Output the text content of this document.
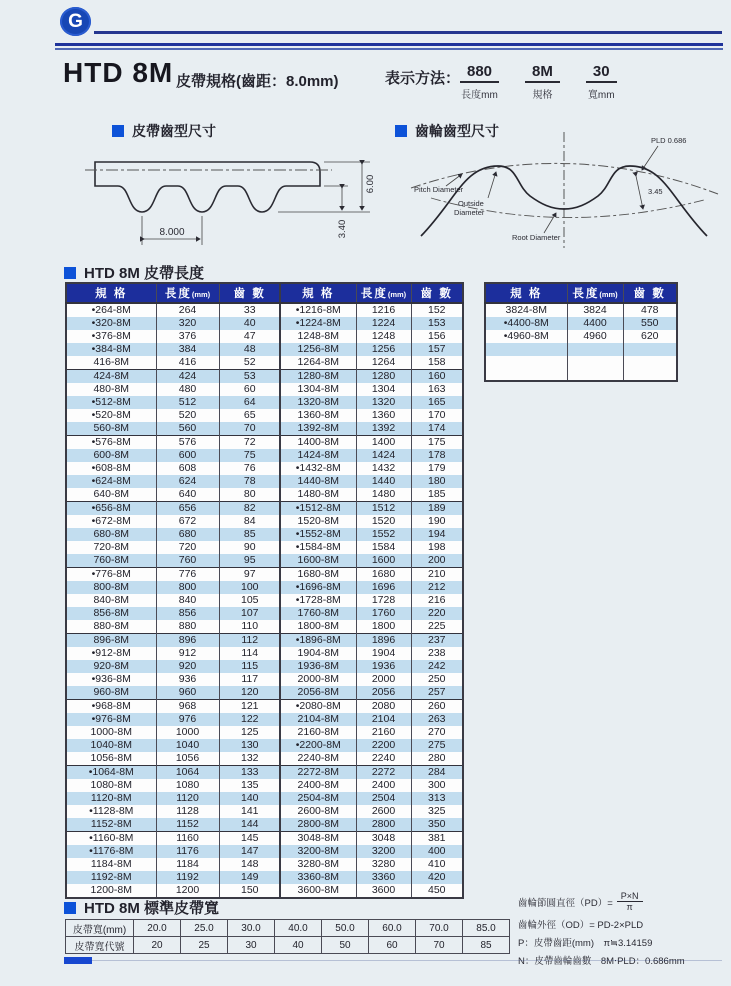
G
HTD 8M 皮帶規格(齒距：8.0mm)	表示方法： 880
長度mm
8M
規格
30
寬mm
皮帶齒型尺寸	齒輪齒型尺寸
8.000
6.00
3.40
PLD 0.686
3.45
Pitch Diameter
Outside
Diameter
Root Diameter
HTD 8M 皮帶長度
規 格	長度(mm)	齒 數
•264-8M	264	33
•320-8M	320	40
•376-8M	376	47
•384-8M	384	48
416-8M	416	52
424-8M	424	53
480-8M	480	60
•512-8M	512	64
•520-8M	520	65
560-8M	560	70
•576-8M	576	72
600-8M	600	75
•608-8M	608	76
•624-8M	624	78
640-8M	640	80
•656-8M	656	82
•672-8M	672	84
680-8M	680	85
720-8M	720	90
760-8M	760	95
•776-8M	776	97
800-8M	800	100
840-8M	840	105
856-8M	856	107
880-8M	880	110
896-8M	896	112
•912-8M	912	114
920-8M	920	115
•936-8M	936	117
960-8M	960	120
•968-8M	968	121
•976-8M	976	122
1000-8M	1000	125
1040-8M	1040	130
1056-8M	1056	132
•1064-8M	1064	133
1080-8M	1080	135
1120-8M	1120	140
•1128-8M	1128	141
1152-8M	1152	144
•1160-8M	1160	145
•1176-8M	1176	147
1184-8M	1184	148
1192-8M	1192	149
1200-8M	1200	150
規 格	長度(mm)	齒 數
•1216-8M	1216	152
•1224-8M	1224	153
1248-8M	1248	156
1256-8M	1256	157
1264-8M	1264	158
1280-8M	1280	160
1304-8M	1304	163
1320-8M	1320	165
1360-8M	1360	170
1392-8M	1392	174
1400-8M	1400	175
1424-8M	1424	178
•1432-8M	1432	179
1440-8M	1440	180
1480-8M	1480	185
•1512-8M	1512	189
1520-8M	1520	190
•1552-8M	1552	194
•1584-8M	1584	198
1600-8M	1600	200
1680-8M	1680	210
•1696-8M	1696	212
•1728-8M	1728	216
1760-8M	1760	220
1800-8M	1800	225
•1896-8M	1896	237
1904-8M	1904	238
1936-8M	1936	242
2000-8M	2000	250
2056-8M	2056	257
•2080-8M	2080	260
2104-8M	2104	263
2160-8M	2160	270
•2200-8M	2200	275
2240-8M	2240	280
2272-8M	2272	284
2400-8M	2400	300
2504-8M	2504	313
2600-8M	2600	325
2800-8M	2800	350
3048-8M	3048	381
3200-8M	3200	400
3280-8M	3280	410
3360-8M	3360	420
3600-8M	3600	450
規 格	長度(mm)	齒 數
3824-8M	3824	478
•4400-8M	4400	550
•4960-8M	4960	620

HTD 8M 標準皮帶寬
皮帶寬(mm)	20.0	25.0	30.0	40.0	50.0	60.0	70.0	85.0
皮帶寬代號	20	25	30	40	50	60	70	85
齒輪節圓直徑$(PD)= \frac{P\times N}{\pi}$
齒輪外徑（OD）= PD-2×PLD
P：皮帶齒距(mm)　π≒3.14159
N：皮帶齒輪齒數　8M‧PLD：0.686mm
